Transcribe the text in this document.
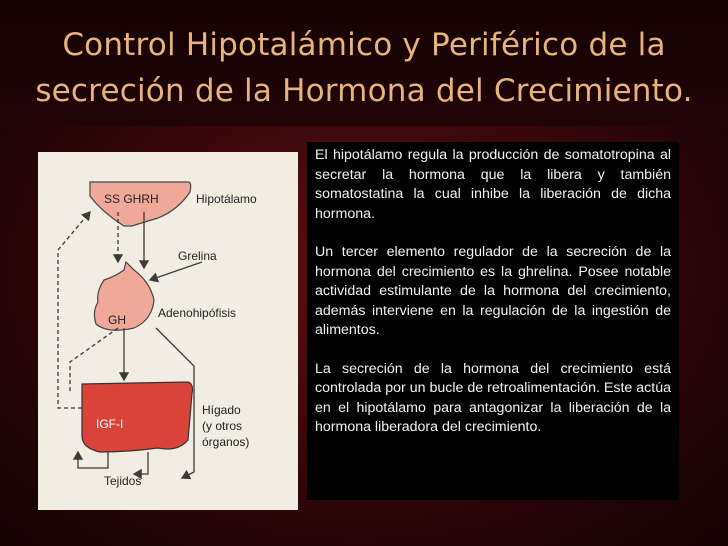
Control Hipotalámico y Periférico de la
secreción de la Hormona del Crecimiento.
SS GHRH	Hipotálamo
Grelina
GH	Adenohipófisis
IGF-I
Hígado
(y otros
órganos)
Tejidos

El hipotálamo regula la producción de somatotropina al secretar la hormona que la libera y también somatostatina la cual inhibe la liberación de dicha hormona.

Un tercer elemento regulador de la secreción de la hormona del crecimiento es la ghrelina. Posee notable actividad estimulante de la hormona del crecimiento, además interviene en la regulación de la ingestión de alimentos.

La secreción de la hormona del crecimiento está controlada por un bucle de retroalimentación. Este actúa en el hipotálamo para antagonizar la liberación de la hormona liberadora del crecimiento.
